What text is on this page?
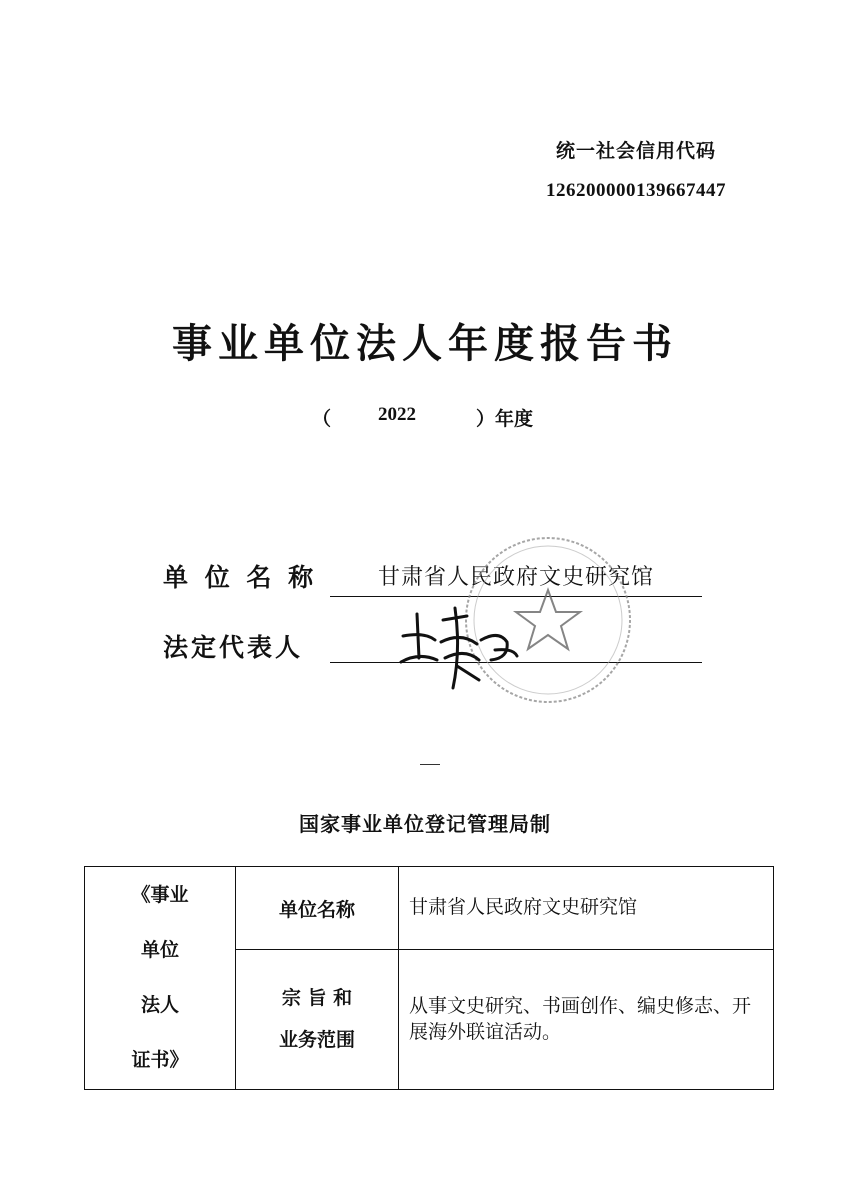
统一社会信用代码
126200000139667447
事业单位法人年度报告书
（ 2022	）年度
单 位 名 称	甘肃省人民政府文史研究馆
法定代表人
国家事业单位登记管理局制
《事业
单位
法人
证书》	单位名称	甘肃省人民政府文史研究馆

	宗 旨 和
业务范围	从事文史研究、书画创作、编史修志、开展海外联谊活动。
